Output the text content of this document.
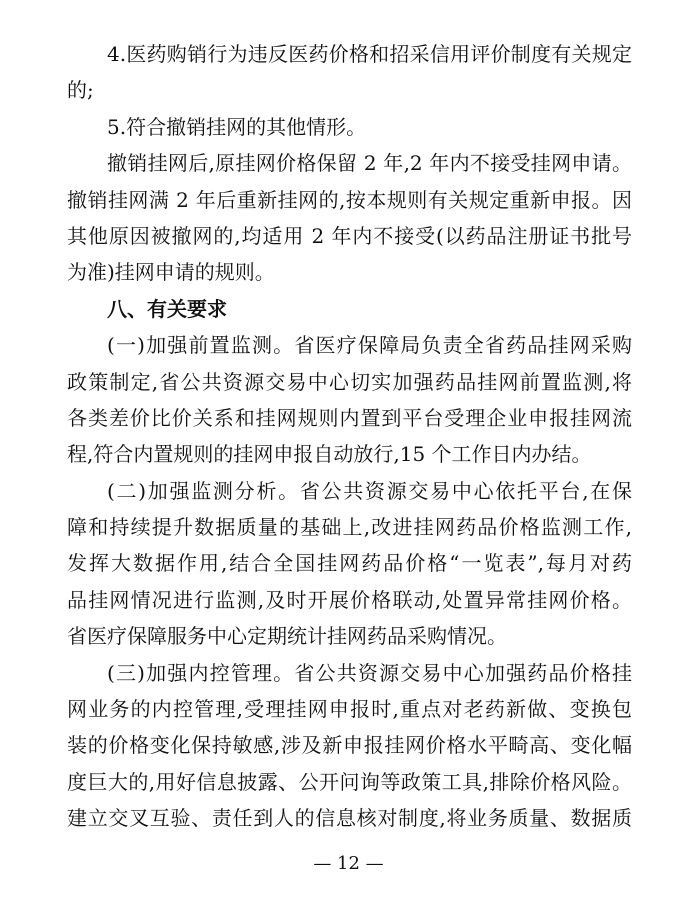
4.医药购销行为违反医药价格和招采信用评价制度有关规定
的;
5.符合撤销挂网的其他情形。
撤销挂网后,原挂网价格保留 2 年,2 年内不接受挂网申请。
撤销挂网满 2 年后重新挂网的,按本规则有关规定重新申报。因
其他原因被撤网的,均适用 2 年内不接受(以药品注册证书批号
为准)挂网申请的规则。
八、有关要求
(一)加强前置监测。省医疗保障局负责全省药品挂网采购
政策制定,省公共资源交易中心切实加强药品挂网前置监测,将
各类差价比价关系和挂网规则内置到平台受理企业申报挂网流
程,符合内置规则的挂网申报自动放行,15 个工作日内办结。
(二)加强监测分析。省公共资源交易中心依托平台,在保
障和持续提升数据质量的基础上,改进挂网药品价格监测工作,
发挥大数据作用,结合全国挂网药品价格“一览表”,每月对药
品挂网情况进行监测,及时开展价格联动,处置异常挂网价格。
省医疗保障服务中心定期统计挂网药品采购情况。
(三)加强内控管理。省公共资源交易中心加强药品价格挂
网业务的内控管理,受理挂网申报时,重点对老药新做、变换包
装的价格变化保持敏感,涉及新申报挂网价格水平畸高、变化幅
度巨大的,用好信息披露、公开问询等政策工具,排除价格风险。
建立交叉互验、责任到人的信息核对制度,将业务质量、数据质
— 12 —
